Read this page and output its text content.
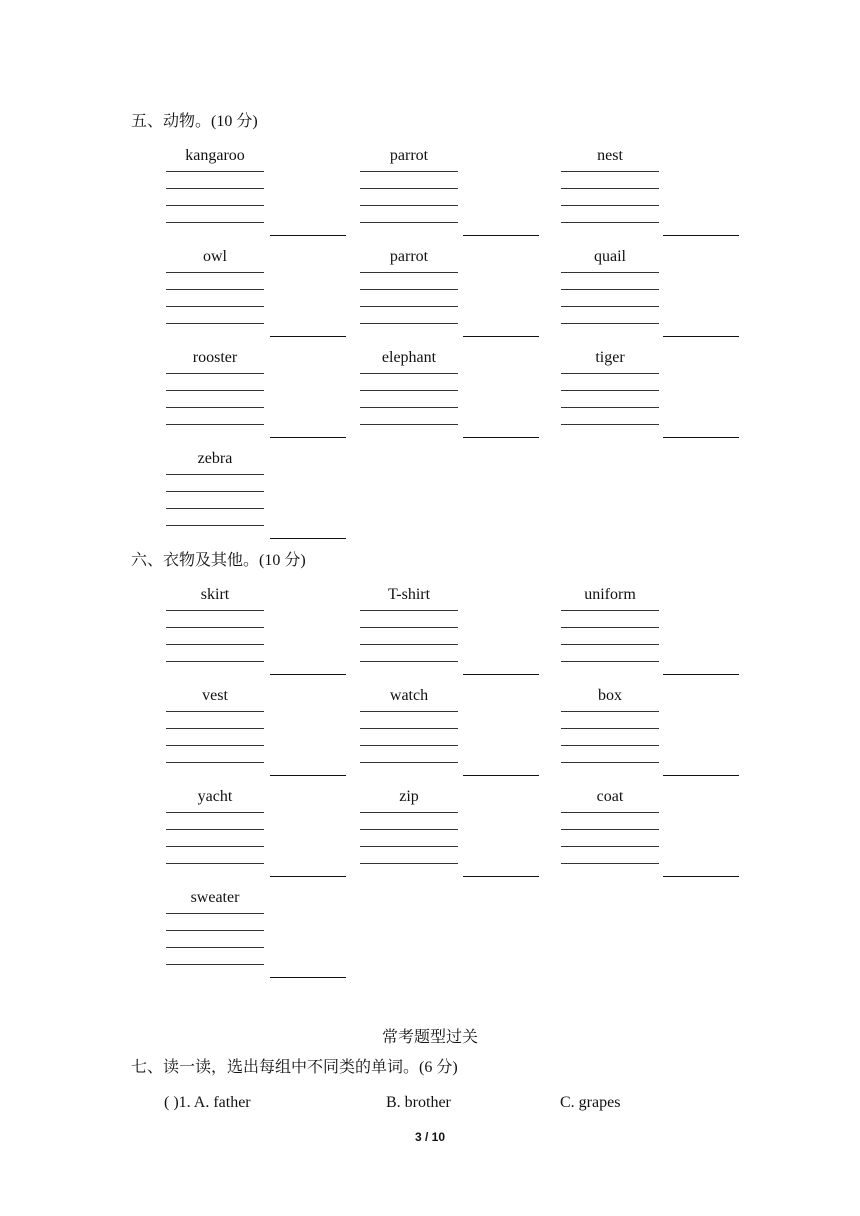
五、动物。(10 分)
kangaroo	parrot	nest
owl	parrot	quail
rooster	elephant	tiger
zebra
六、衣物及其他。(10 分)
skirt	T-shirt	uniform
vest	watch	box
yacht	zip	coat
sweater
常考题型过关
七、读一读，选出每组中不同类的单词。(6 分)
( )1. A. father	B. brother	C. grapes
3 / 10
